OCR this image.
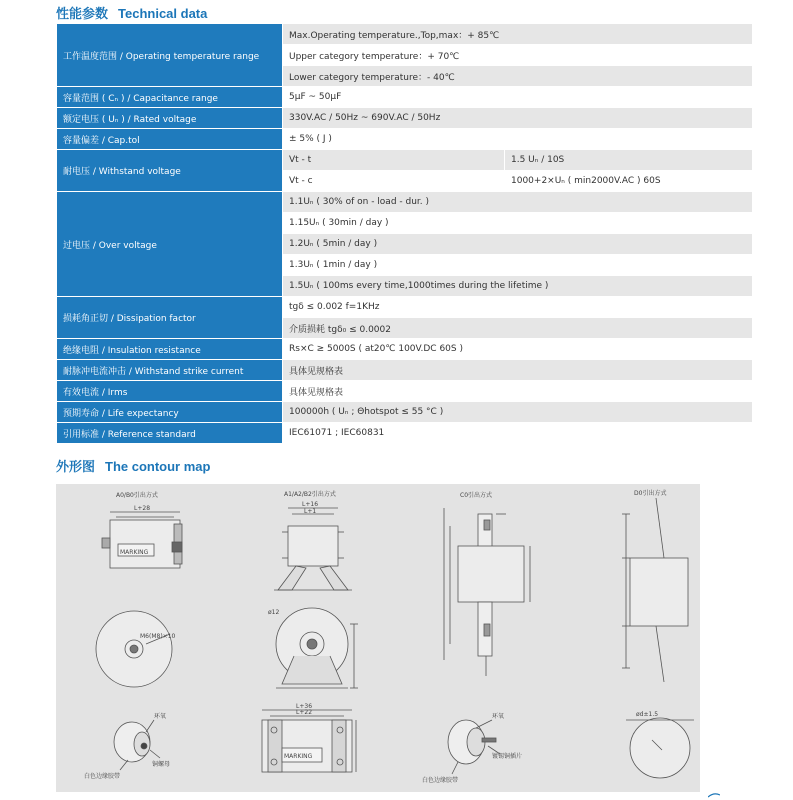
性能参数 Technical data
工作温度范围 / Operating temperature range	Max.Operating temperature.,Top,max：+ 85℃	
	Upper category temperature：+ 70℃	
	Lower category temperature：- 40℃	
容量范围 ( Cₙ ) / Capacitance range	5μF ~ 50μF	
额定电压 ( Uₙ ) / Rated voltage	330V.AC / 50Hz ~ 690V.AC / 50Hz	
容量偏差 / Cap.tol	± 5% ( J )	
耐电压 / Withstand voltage	Vt - t	1.5 Uₙ / 10S
	Vt - c	1000+2×Uₙ ( min2000V.AC ) 60S
过电压 / Over voltage	1.1Uₙ ( 30% of on - load - dur. )	
	1.15Uₙ ( 30min / day )	
	1.2Uₙ ( 5min / day )	
	1.3Uₙ ( 1min / day )	
	1.5Uₙ ( 100ms every time,1000times during the lifetime )	
损耗角正切 / Dissipation factor	tgδ ≤ 0.002 f=1KHz	
	介质损耗 tgδ₀ ≤ 0.0002	
绝缘电阻 / Insulation resistance	Rs×C ≥ 5000S ( at20℃ 100V.DC 60S )	
耐脉冲电流冲击 / Withstand strike current	具体见规格表	
有效电流 / Irms	具体见规格表	
预期寿命 / Life expectancy	100000h ( Uₙ ; Θhotspot ≤ 55 °C )	
引用标准 / Reference standard	IEC61071 ; IEC60831	
外形图 The contour map
A0/B0引出方式	A1/A2/B2引出方式	C0引出方式	D0引出方式
L+28
MARKING
M6(M8)×10
环氧
白色边缘胶带
铜螺母
L+16
L+1
ø12
L+36
L+22
MARKING
环氧
镀锡铜插片
白色边缘胶带
ød±1.5
